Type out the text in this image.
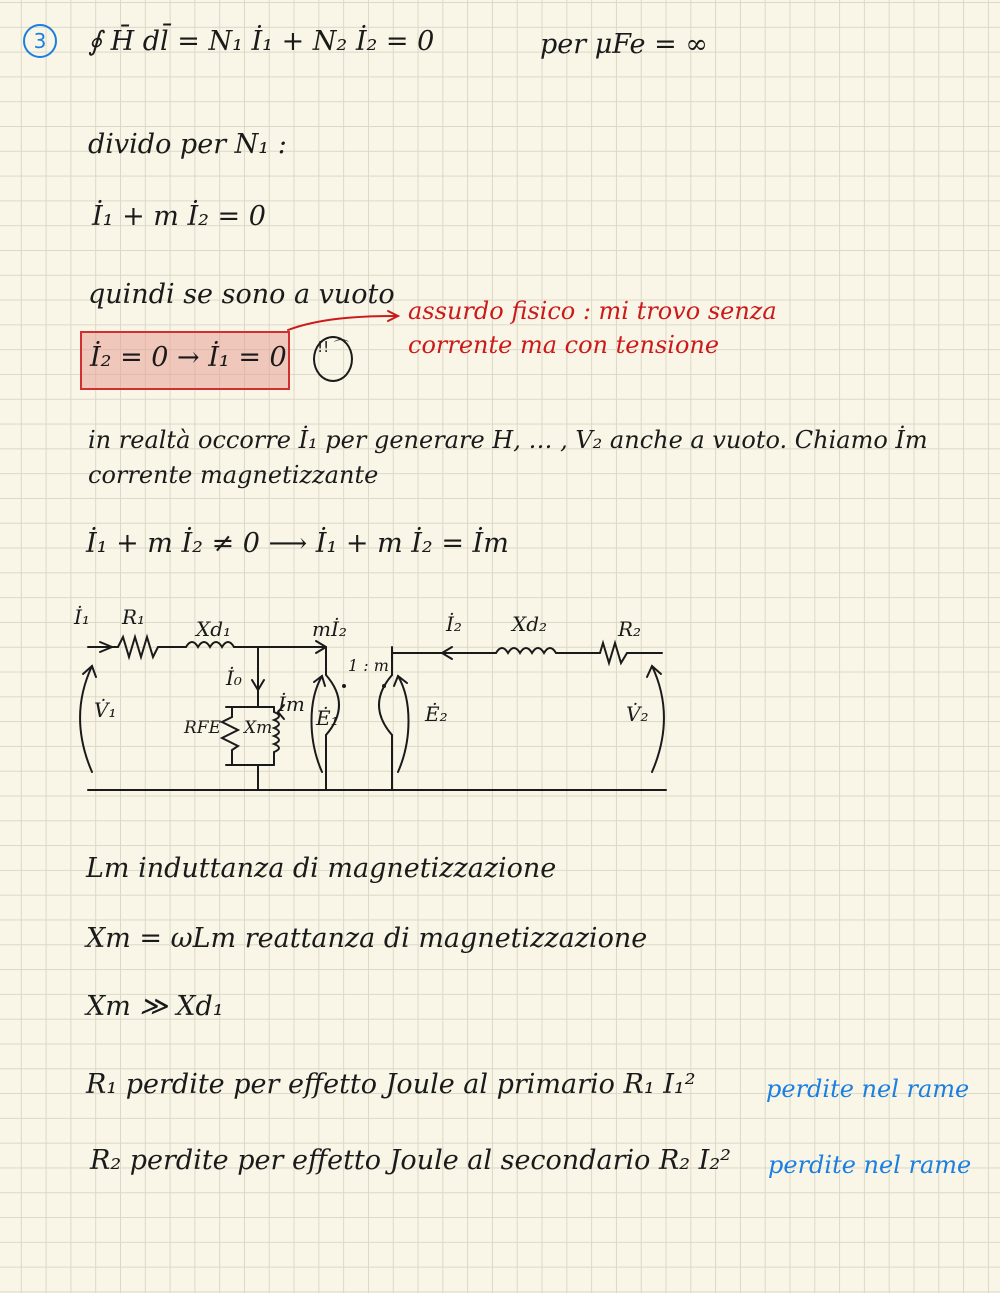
3	∮ H̄ dl̄ = N₁ İ₁ + N₂ İ₂ = 0	per μFe = ∞
divido per N₁ :
İ₁ + m İ₂ = 0
quindi se sono a vuoto
İ₂ = 0 → İ₁ = 0 !! ⌒
assurdo fisico : mi trovo senza
corrente ma con tensione
in realtà occorre İ₁ per generare H, … , V₂ anche a vuoto. Chiamo İm
corrente magnetizzante
İ₁ + m İ₂ ≠ 0 ⟶ İ₁ + m İ₂ = İm
İ₁ R₁	Xd₁	mİ₂	İ₂	Xd₂	R₂
İ₀
İm
RFE Xm Ė₁	Ė₂
V̇₁	V̇₂
1 : m
Lm induttanza di magnetizzazione
Xm = ωLm reattanza di magnetizzazione
Xm ≫ Xd₁
R₁ perdite per effetto Joule al primario R₁ I₁²	perdite nel rame
R₂ perdite per effetto Joule al secondario R₂ I₂² perdite nel rame
